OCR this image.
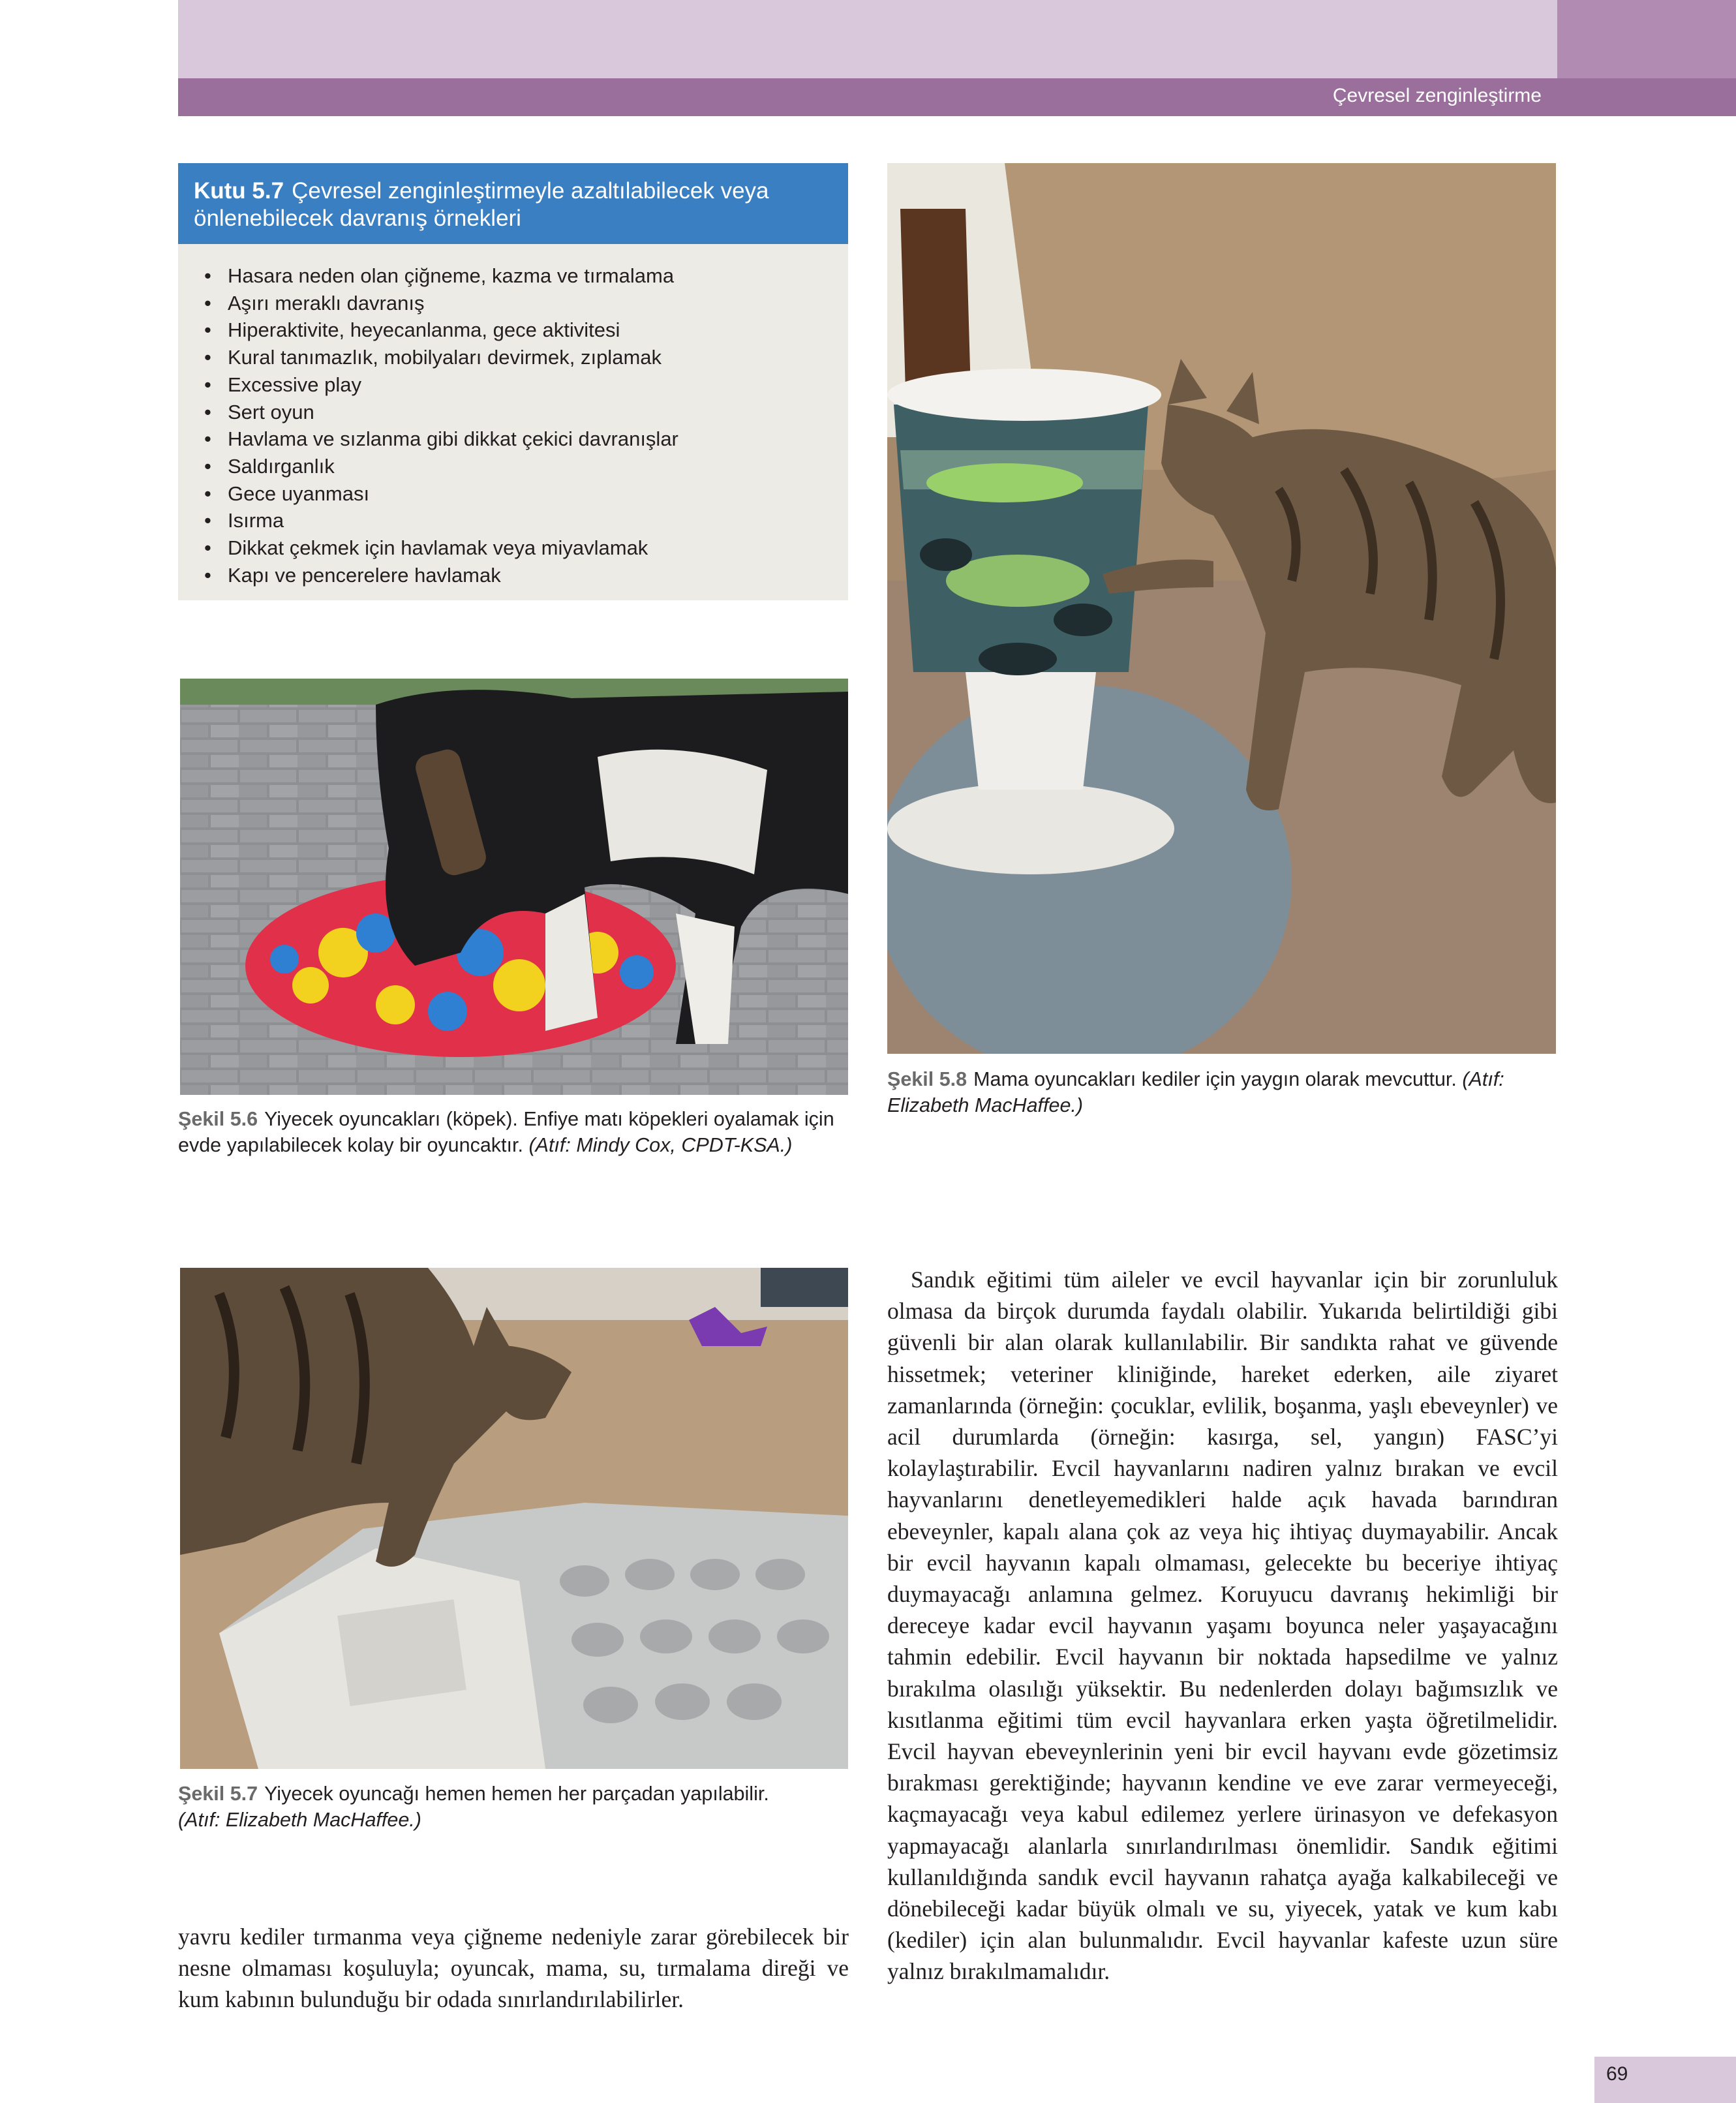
Çevresel zenginleştirme
Kutu 5.7 Çevresel zenginleştirmeyle azaltılabilecek veya önlenebilecek davranış örnekleri
• Hasara neden olan çiğneme, kazma ve tırmalama
• Aşırı meraklı davranış
• Hiperaktivite, heyecanlanma, gece aktivitesi
• Kural tanımazlık, mobilyaları devirmek, zıplamak
• Excessive play
• Sert oyun
• Havlama ve sızlanma gibi dikkat çekici davranışlar
• Saldırganlık
• Gece uyanması
• Isırma
• Dikkat çekmek için havlamak veya miyavlamak
• Kapı ve pencerelere havlamak
Şekil 5.6 Yiyecek oyuncakları (köpek). Enfiye matı köpekleri oyalamak için evde yapılabilecek kolay bir oyuncaktır. (Atıf: Mindy Cox, CPDT-KSA.)
Şekil 5.8 Mama oyuncakları kediler için yaygın olarak mevcuttur. (Atıf: Elizabeth MacHaffee.)
Şekil 5.7 Yiyecek oyuncağı hemen hemen her parçadan yapılabilir.
(Atıf: Elizabeth MacHaffee.)

yavru kediler tırmanma veya çiğneme nedeniyle zarar görebilecek bir nesne olmaması koşuluyla; oyuncak, mama, su, tırmalama direği ve kum kabının bulunduğu bir odada sınırlandırılabilirler.

Sandık eğitimi tüm aileler ve evcil hayvanlar için bir zorunluluk olmasa da birçok durumda faydalı olabilir. Yukarıda belirtildiği gibi güvenli bir alan olarak kullanılabilir. Bir sandıkta rahat ve güvende hissetmek; veteriner kliniğinde, hareket ederken, aile ziyaret zamanlarında (örneğin: çocuklar, evlilik, boşanma, yaşlı ebeveynler) ve acil durumlarda (örneğin: kasırga, sel, yangın) FASC’yi kolaylaştırabilir. Evcil hayvanlarını nadiren yalnız bırakan ve evcil hayvanlarını denetleyemedikleri halde açık havada barındıran ebeveynler, kapalı alana çok az veya hiç ihtiyaç duymayabilir. Ancak bir evcil hayvanın kapalı olmaması, gelecekte bu beceriye ihtiyaç duymayacağı anlamına gelmez. Koruyucu davranış hekimliği bir dereceye kadar evcil hayvanın yaşamı boyunca neler yaşayacağını tahmin edebilir. Evcil hayvanın bir noktada hapsedilme ve yalnız bırakılma olasılığı yüksektir. Bu nedenlerden dolayı bağımsızlık ve kısıtlanma eğitimi tüm evcil hayvanlara erken yaşta öğretilmelidir. Evcil hayvan ebeveynlerinin yeni bir evcil hayvanı evde gözetimsiz bırakması gerektiğinde; hayvanın kendine ve eve zarar vermeyeceği, kaçmayacağı veya kabul edilemez yerlere ürinasyon ve defekasyon yapmayacağı alanlarla sınırlandırılması önemlidir. Sandık eğitimi kullanıldığında sandık evcil hayvanın rahatça ayağa kalkabileceği ve dönebileceği kadar büyük olmalı ve su, yiyecek, yatak ve kum kabı (kediler) için alan bulunmalıdır. Evcil hayvanlar kafeste uzun süre yalnız bırakılmamalıdır.

69
